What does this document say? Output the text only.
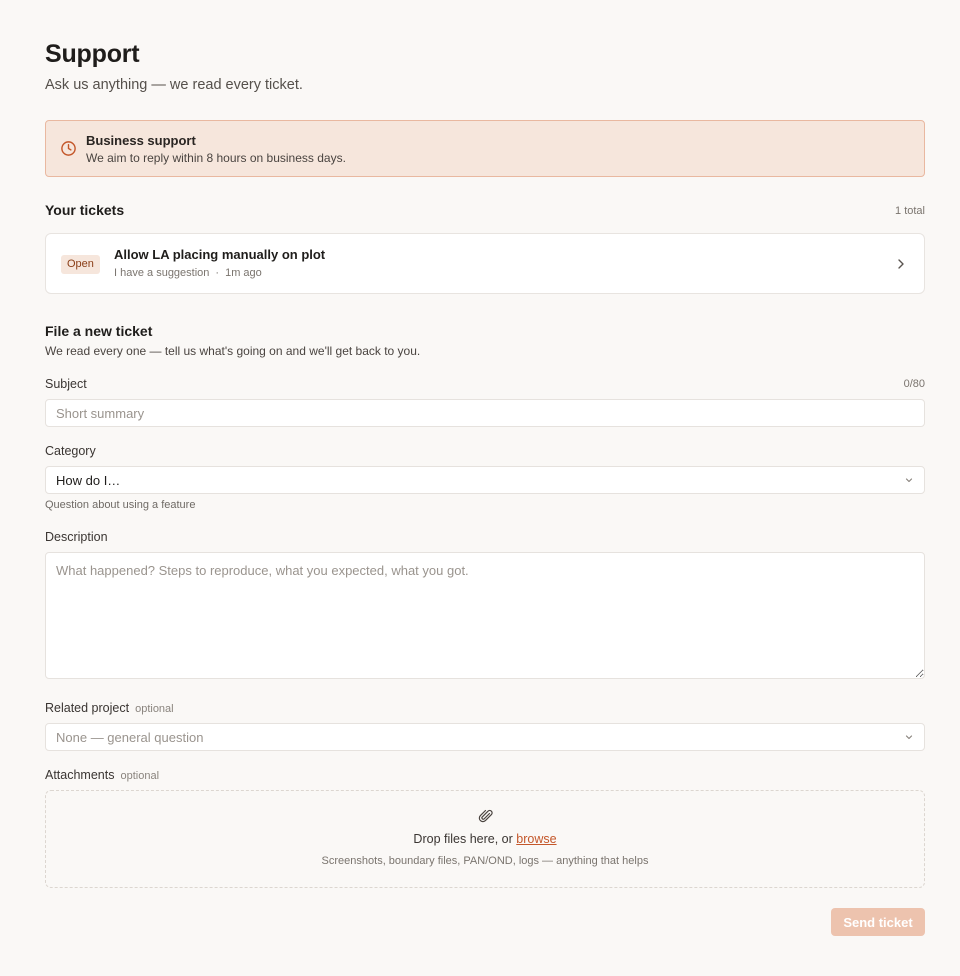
Support

Ask us anything — we read every ticket.

Business support
We aim to reply within 8 hours on business days.
Your tickets	1 total
Open
Allow LA placing manually on plot
I have a suggestion · 1m ago
File a new ticket

We read every one — tell us what's going on and we'll get back to you.

Subject	0/80
Short summary
Category
How do I…
Question about using a feature
Description
What happened? Steps to reproduce, what you expected, what you got.
Related project optional
None — general question
Attachments optional
Drop files here, or browse
Screenshots, boundary files, PAN/OND, logs — anything that helps
Send ticket
